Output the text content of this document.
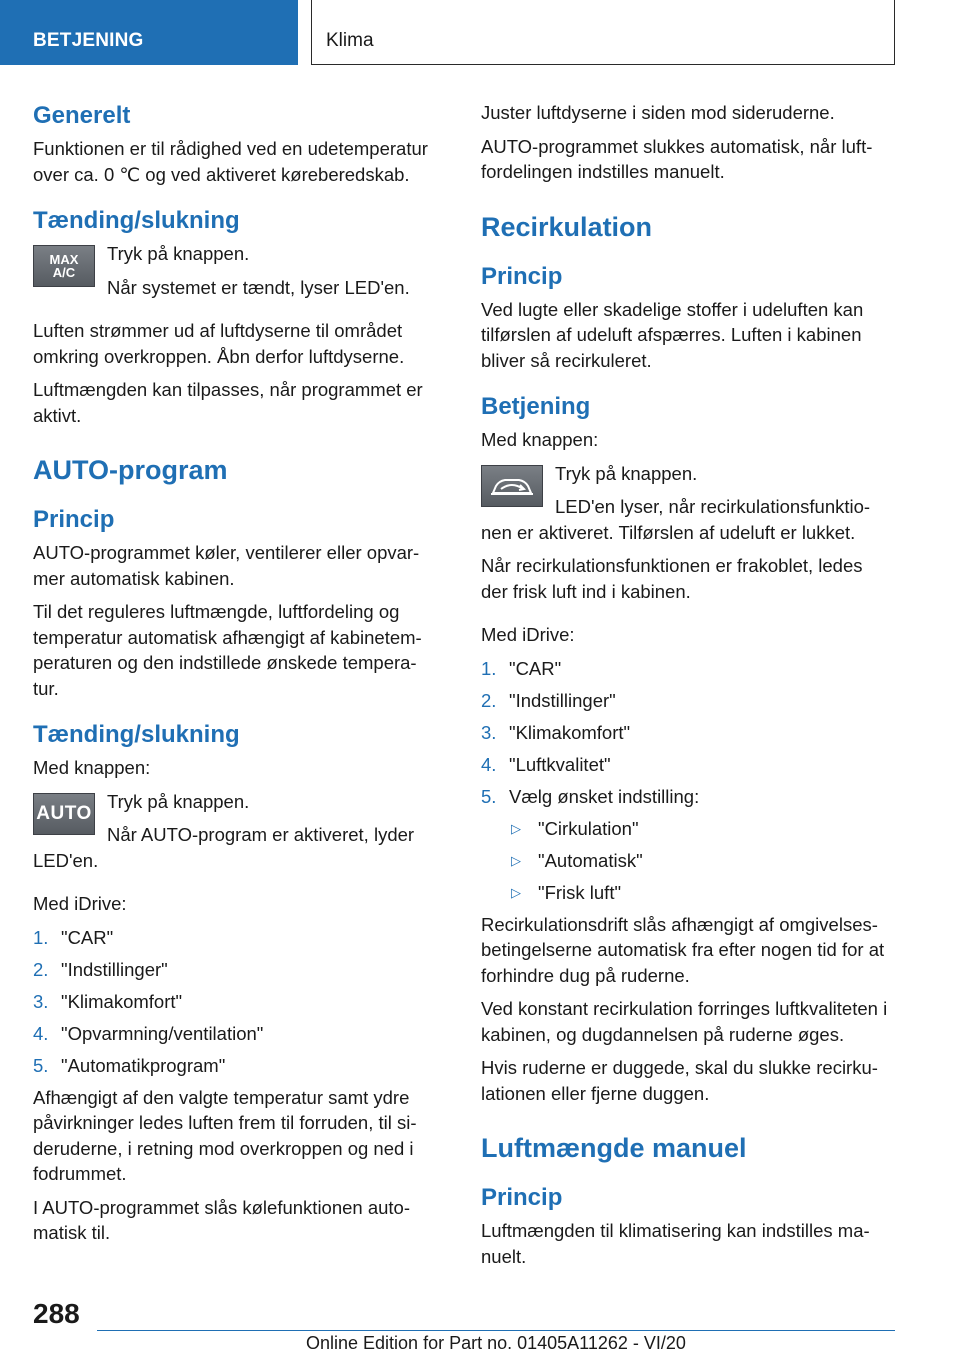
BETJENING	Klima
Generelt

Funktionen er til rådighed ved en udetemperatur over ca. 0 ℃ og ved aktiveret køreberedskab.

Tænding/slukning
MAX
A/C

Tryk på knappen.

Når systemet er tændt, lyser LED'en.

Luften strømmer ud af luftdyserne til området omkring overkroppen. Åbn derfor luftdyserne.

Luftmængden kan tilpasses, når programmet er aktivt.

AUTO-program
Princip

AUTO-programmet køler, ventilerer eller opvar- mer automatisk kabinen.

Til det reguleres luftmængde, luftfordeling og temperatur automatisk afhængigt af kabinetem- peraturen og den indstillede ønskede tempera- tur.

Tænding/slukning

Med knappen:

AUTO

Tryk på knappen.

Når AUTO-program er aktiveret, lyder LED'en.

Med iDrive:

1. "CAR"
2. "Indstillinger"
3. "Klimakomfort"
4. "Opvarmning/ventilation"
5. "Automatikprogram"

Afhængigt af den valgte temperatur samt ydre påvirkninger ledes luften frem til forruden, til si- deruderne, i retning mod overkroppen og ned i fodrummet.

I AUTO-programmet slås kølefunktionen auto- matisk til.

Juster luftdyserne i siden mod sideruderne.

AUTO-programmet slukkes automatisk, når luft- fordelingen indstilles manuelt.

Recirkulation
Princip

Ved lugte eller skadelige stoffer i udeluften kan tilførslen af udeluft afspærres. Luften i kabinen bliver så recirkuleret.

Betjening

Med knappen:

Tryk på knappen.

LED'en lyser, når recirkulationsfunktio- nen er aktiveret. Tilførslen af udeluft er lukket.

Når recirkulationsfunktionen er frakoblet, ledes der frisk luft ind i kabinen.

Med iDrive:

1. "CAR"
2. "Indstillinger"
3. "Klimakomfort"
4. "Luftkvalitet"
5. Vælg ønsket indstilling:
▷ "Cirkulation"
▷ "Automatisk"
▷ "Frisk luft"

Recirkulationsdrift slås afhængigt af omgivelses- betingelserne automatisk fra efter nogen tid for at forhindre dug på ruderne.

Ved konstant recirkulation forringes luftkvaliteten i kabinen, og dugdannelsen på ruderne øges.

Hvis ruderne er duggede, skal du slukke recirku- lationen eller fjerne duggen.

Luftmængde manuel
Princip

Luftmængden til klimatisering kan indstilles ma- nuelt.

288
Online Edition for Part no. 01405A11262 - VI/20
